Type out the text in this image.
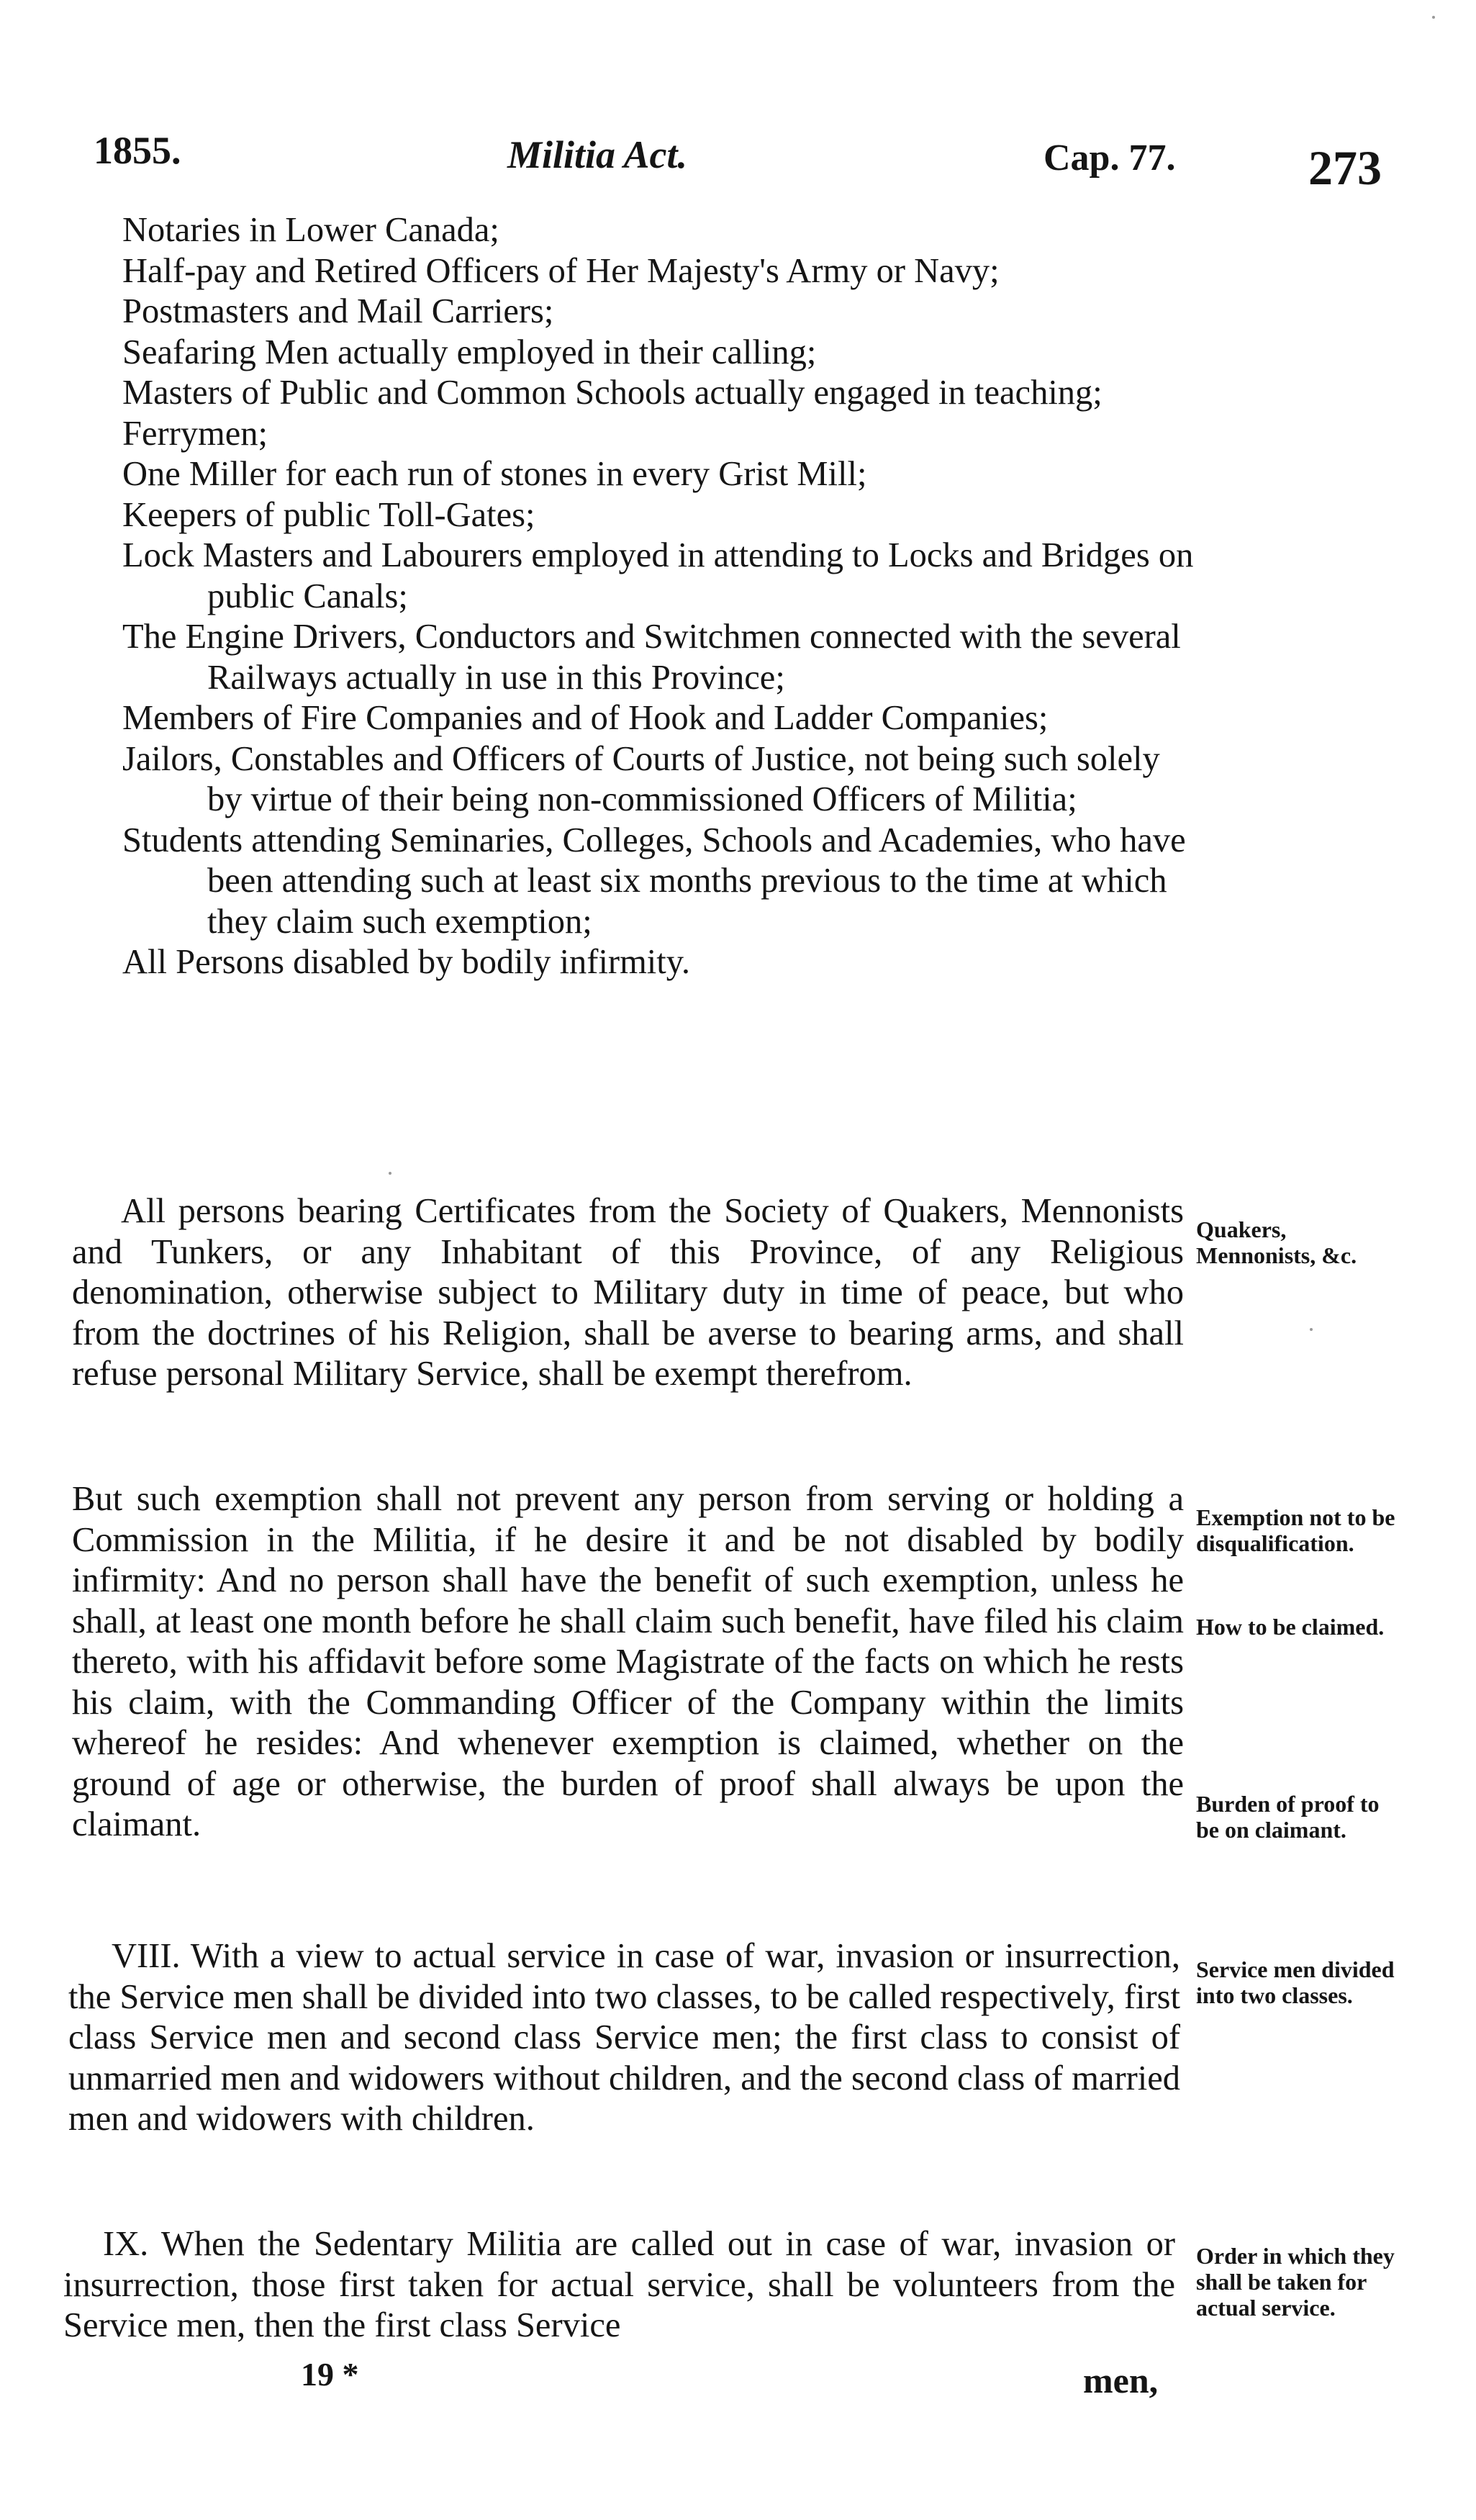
1855.	Militia Act.	Cap. 77.	273
Notaries in Lower Canada;
Half-pay and Retired Officers of Her Majesty's Army or Navy;
Postmasters and Mail Carriers;
Seafaring Men actually employed in their calling;
Masters of Public and Common Schools actually engaged in teaching;
Ferrymen;
One Miller for each run of stones in every Grist Mill;
Keepers of public Toll-Gates;
Lock Masters and Labourers employed in attending to Locks and Bridges on public Canals;
The Engine Drivers, Conductors and Switchmen connected with the several Railways actually in use in this Province;
Members of Fire Companies and of Hook and Ladder Companies;
Jailors, Constables and Officers of Courts of Justice, not being such solely by virtue of their being non-commissioned Officers of Militia;
Students attending Seminaries, Colleges, Schools and Academies, who have been attending such at least six months previous to the time at which they claim such exemption;
All Persons disabled by bodily infirmity.
All persons bearing Certificates from the Society of Quakers, Mennonists and Tunkers, or any Inhabitant of this Province, of any Religious denomination, otherwise subject to Military duty in time of peace, but who from the doctrines of his Religion, shall be averse to bearing arms, and shall refuse personal Military Service, shall be exempt therefrom.
But such exemption shall not prevent any person from serving or holding a Commission in the Militia, if he desire it and be not disabled by bodily infirmity: And no person shall have the benefit of such exemption, unless he shall, at least one month before he shall claim such benefit, have filed his claim thereto, with his affidavit before some Magistrate of the facts on which he rests his claim, with the Commanding Officer of the Company within the limits whereof he resides: And whenever exemption is claimed, whether on the ground of age or otherwise, the burden of proof shall always be upon the claimant.
VIII. With a view to actual service in case of war, invasion or insurrection, the Service men shall be divided into two classes, to be called respectively, first class Service men and second class Service men; the first class to consist of unmarried men and widowers without children, and the second class of married men and widowers with children.
IX. When the Sedentary Militia are called out in case of war, invasion or insurrection, those first taken for actual service, shall be volunteers from the Service men, then the first class Service
Quakers, Mennonists, &c.
Exemption not to be disqualification.
How to be claimed.
Burden of proof to be on claimant.
Service men divided into two classes.
Order in which they shall be taken for actual service.
19 *	men,
